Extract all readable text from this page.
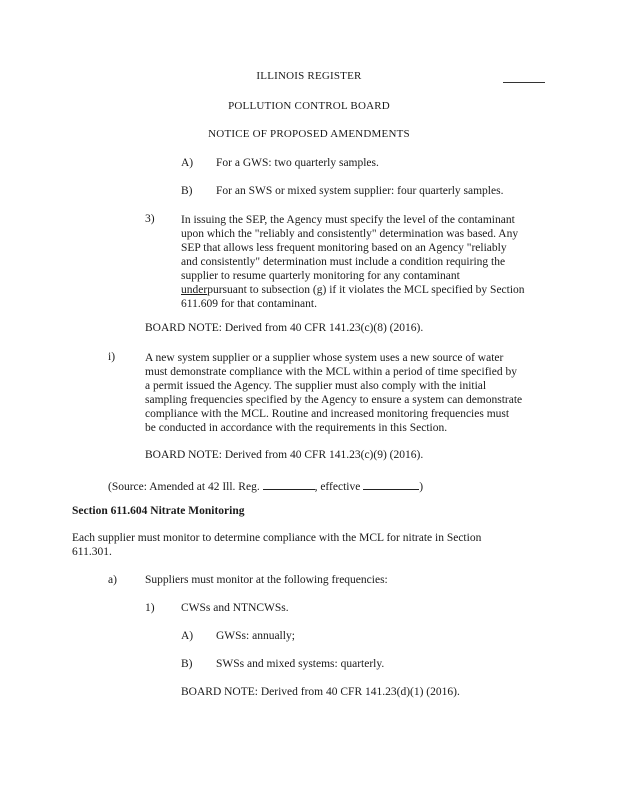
ILLINOIS REGISTER
POLLUTION CONTROL BOARD
NOTICE OF PROPOSED AMENDMENTS
A) For a GWS: two quarterly samples.
B) For an SWS or mixed system supplier: four quarterly samples.
3) In issuing the SEP, the Agency must specify the level of the contaminant
upon which the "reliably and consistently" determination was based. Any
SEP that allows less frequent monitoring based on an Agency "reliably
and consistently" determination must include a condition requiring the
supplier to resume quarterly monitoring for any contaminant
underpursuant to subsection (g) if it violates the MCL specified by Section
611.609 for that contaminant.
BOARD NOTE: Derived from 40 CFR 141.23(c)(8) (2016).
i)	A new system supplier or a supplier whose system uses a new source of water
must demonstrate compliance with the MCL within a period of time specified by
a permit issued the Agency. The supplier must also comply with the initial
sampling frequencies specified by the Agency to ensure a system can demonstrate
compliance with the MCL. Routine and increased monitoring frequencies must
be conducted in accordance with the requirements in this Section.
BOARD NOTE: Derived from 40 CFR 141.23(c)(9) (2016).
(Source: Amended at 42 Ill. Reg.	, effective	)
Section 611.604 Nitrate Monitoring
Each supplier must monitor to determine compliance with the MCL for nitrate in Section
611.301.
a) Suppliers must monitor at the following frequencies:
1) CWSs and NTNCWSs.
A) GWSs: annually;
B) SWSs and mixed systems: quarterly.
BOARD NOTE: Derived from 40 CFR 141.23(d)(1) (2016).
